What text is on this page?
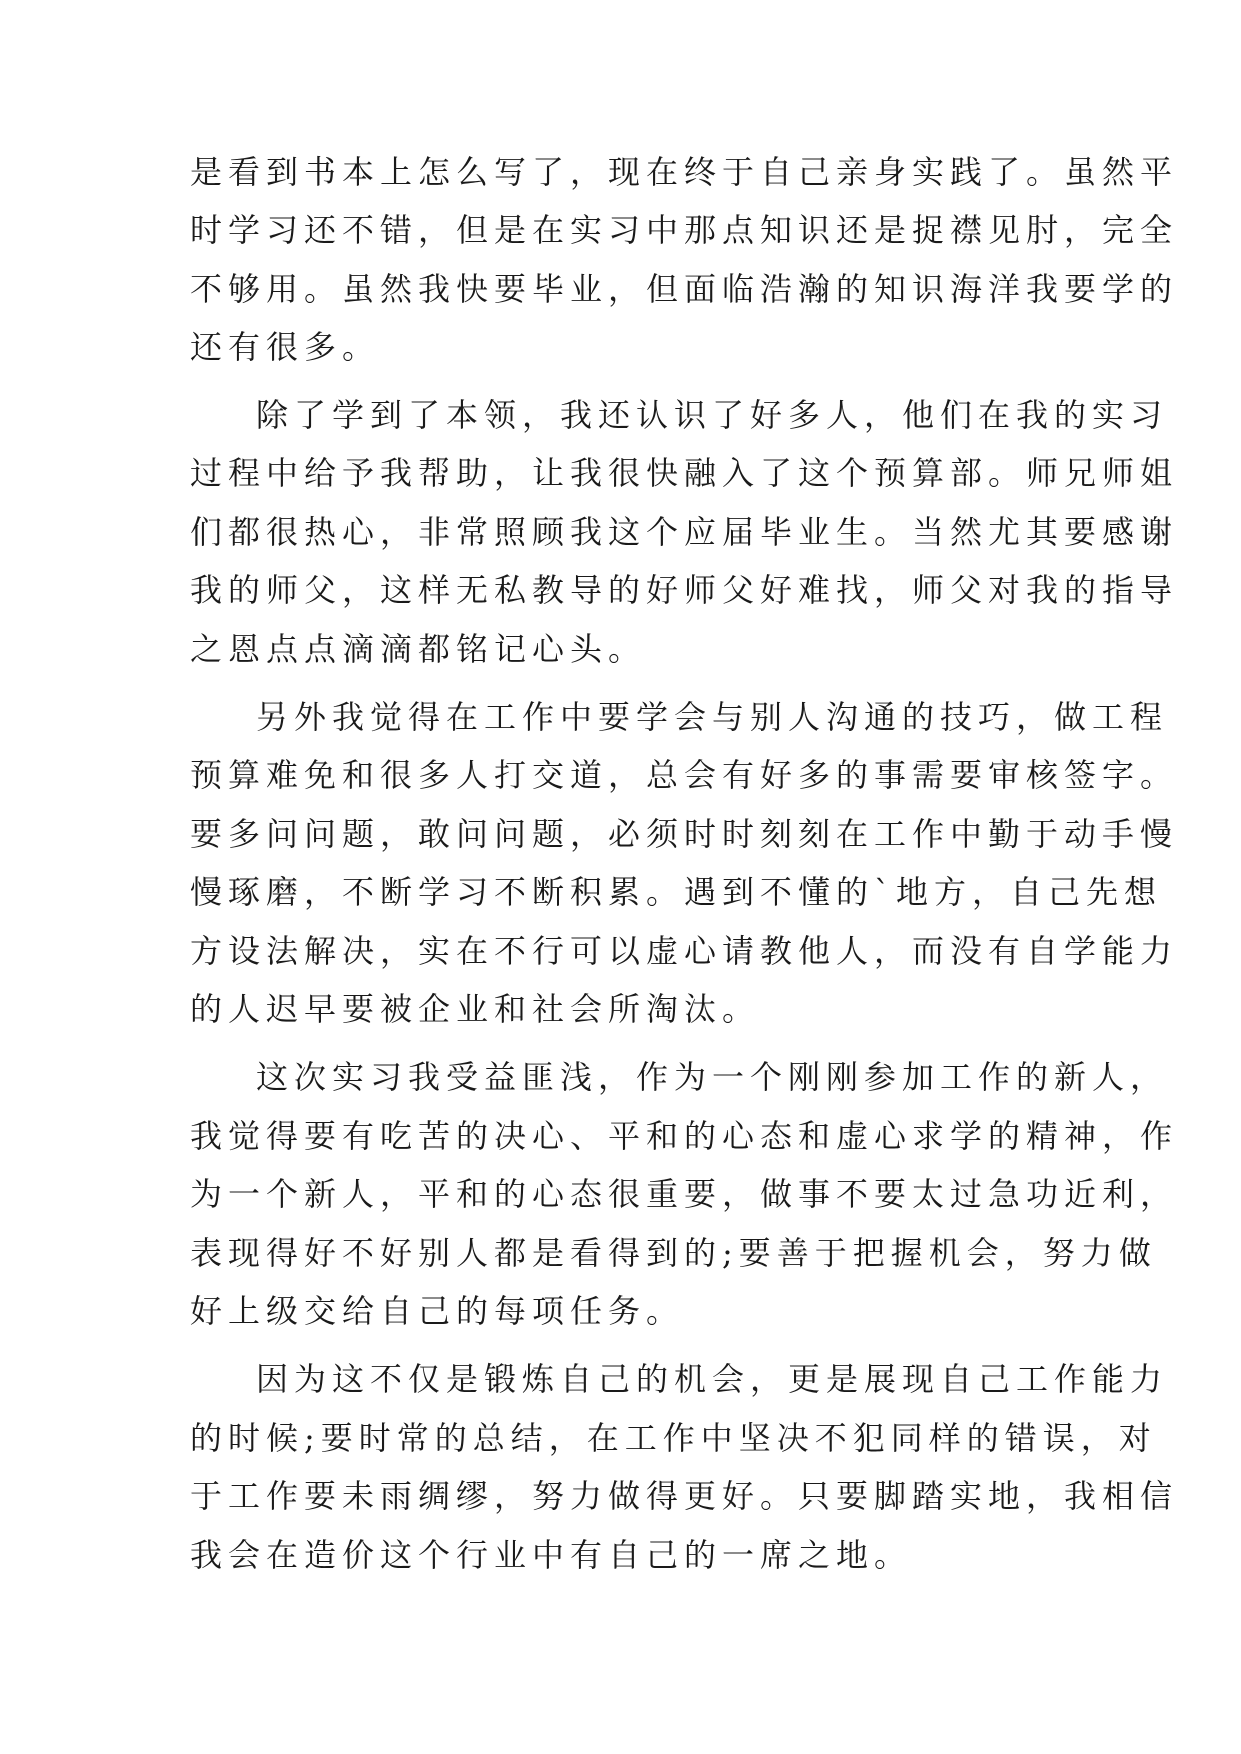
是看到书本上怎么写了，现在终于自己亲身实践了。虽然平
时学习还不错，但是在实习中那点知识还是捉襟见肘，完全
不够用。虽然我快要毕业，但面临浩瀚的知识海洋我要学的
还有很多。
除了学到了本领，我还认识了好多人，他们在我的实习
过程中给予我帮助，让我很快融入了这个预算部。师兄师姐
们都很热心，非常照顾我这个应届毕业生。当然尤其要感谢
我的师父，这样无私教导的好师父好难找，师父对我的指导
之恩点点滴滴都铭记心头。
另外我觉得在工作中要学会与别人沟通的技巧，做工程
预算难免和很多人打交道，总会有好多的事需要审核签字。
要多问问题，敢问问题，必须时时刻刻在工作中勤于动手慢
慢琢磨，不断学习不断积累。遇到不懂的`地方，自己先想
方设法解决，实在不行可以虚心请教他人，而没有自学能力
的人迟早要被企业和社会所淘汰。
这次实习我受益匪浅，作为一个刚刚参加工作的新人，
我觉得要有吃苦的决心、平和的心态和虚心求学的精神，作
为一个新人，平和的心态很重要，做事不要太过急功近利，
表现得好不好别人都是看得到的;要善于把握机会，努力做
好上级交给自己的每项任务。
因为这不仅是锻炼自己的机会，更是展现自己工作能力
的时候;要时常的总结，在工作中坚决不犯同样的错误，对
于工作要未雨绸缪，努力做得更好。只要脚踏实地，我相信
我会在造价这个行业中有自己的一席之地。
